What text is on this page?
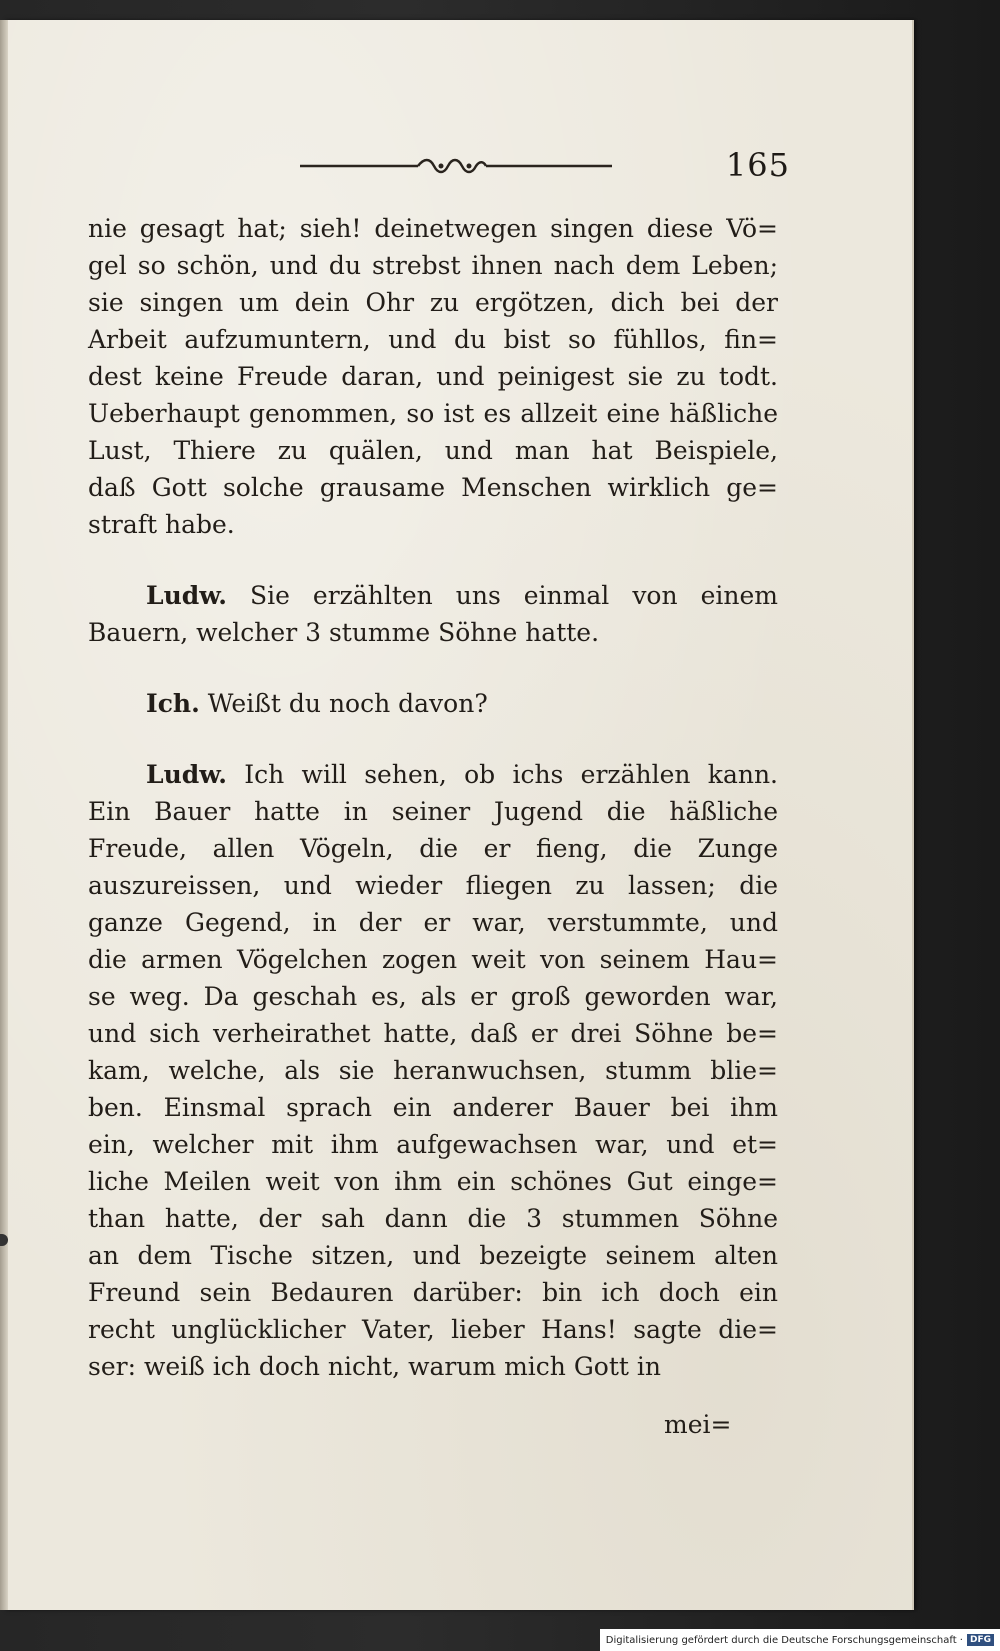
165
nie gesagt hat; sieh! deinetwegen singen diese Vö=
gel so schön, und du strebst ihnen nach dem Leben;
sie singen um dein Ohr zu ergötzen, dich bei der
Arbeit aufzumuntern, und du bist so fühllos, fin=
dest keine Freude daran, und peinigest sie zu todt.
Ueberhaupt genommen, so ist es allzeit eine häßliche
Lust, Thiere zu quälen, und man hat Beispiele,
daß Gott solche grausame Menschen wirklich ge=
straft habe.
Ludw. Sie erzählten uns einmal von einem
Bauern, welcher 3 stumme Söhne hatte.
Ich. Weißt du noch davon?
Ludw. Ich will sehen, ob ichs erzählen kann.
Ein Bauer hatte in seiner Jugend die häßliche
Freude, allen Vögeln, die er fieng, die Zunge
auszureissen, und wieder fliegen zu lassen; die
ganze Gegend, in der er war, verstummte, und
die armen Vögelchen zogen weit von seinem Hau=
se weg. Da geschah es, als er groß geworden war,
und sich verheirathet hatte, daß er drei Söhne be=
kam, welche, als sie heranwuchsen, stumm blie=
ben. Einsmal sprach ein anderer Bauer bei ihm
ein, welcher mit ihm aufgewachsen war, und et=
liche Meilen weit von ihm ein schönes Gut einge=
than hatte, der sah dann die 3 stummen Söhne
an dem Tische sitzen, und bezeigte seinem alten
Freund sein Bedauren darüber: bin ich doch ein
recht unglücklicher Vater, lieber Hans! sagte die=
ser: weiß ich doch nicht, warum mich Gott in
mei=
Digitalisierung gefördert durch die Deutsche Forschungsgemeinschaft · DFG
